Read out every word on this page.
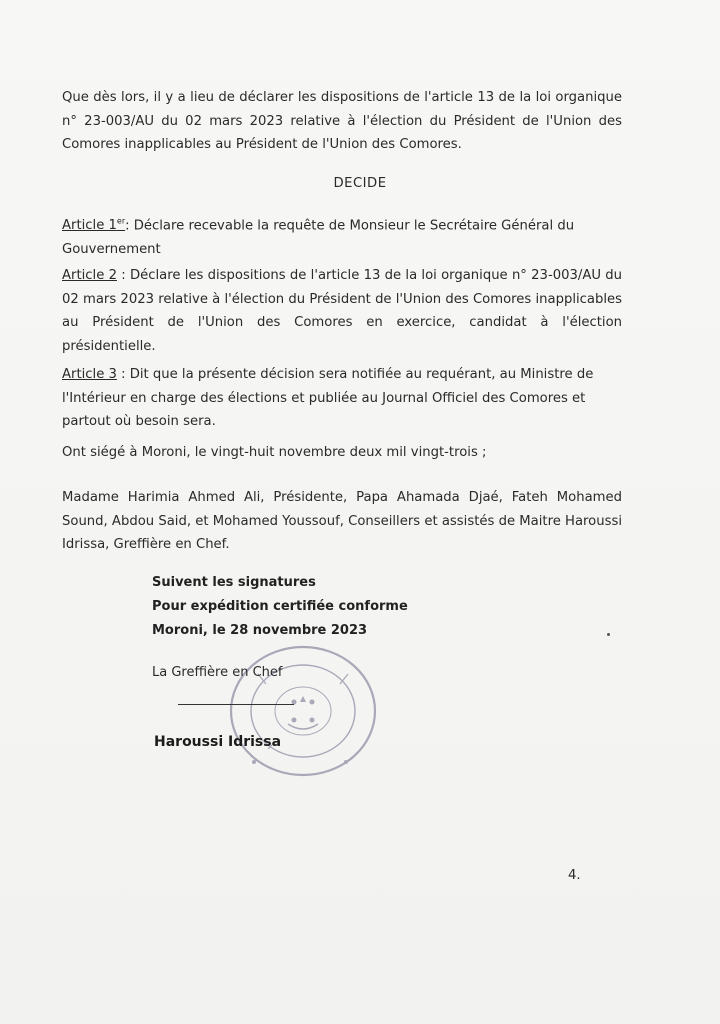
Que dès lors, il y a lieu de déclarer les dispositions de l'article 13 de la loi organique n° 23-003/AU du 02 mars 2023 relative à l'élection du Président de l'Union des Comores inapplicables au Président de l'Union des Comores.

DECIDE

Article 1er: Déclare recevable la requête de Monsieur le Secrétaire Général du Gouvernement

Article 2 : Déclare les dispositions de l'article 13 de la loi organique n° 23-003/AU du 02 mars 2023 relative à l'élection du Président de l'Union des Comores inapplicables au Président de l'Union des Comores en exercice, candidat à l'élection présidentielle.

Article 3 : Dit que la présente décision sera notifiée au requérant, au Ministre de l'Intérieur en charge des élections et publiée au Journal Officiel des Comores et partout où besoin sera.

Ont siégé à Moroni, le vingt-huit novembre deux mil vingt-trois ;

Madame Harimia Ahmed Ali, Présidente, Papa Ahamada Djaé, Fateh Mohamed Sound, Abdou Said, et Mohamed Youssouf, Conseillers et assistés de Maitre Haroussi Idrissa, Greffière en Chef.

Suivent les signatures

Pour expédition certifiée conforme

Moroni, le 28 novembre 2023

La Greffière en Chef

Haroussi Idrissa

4.
